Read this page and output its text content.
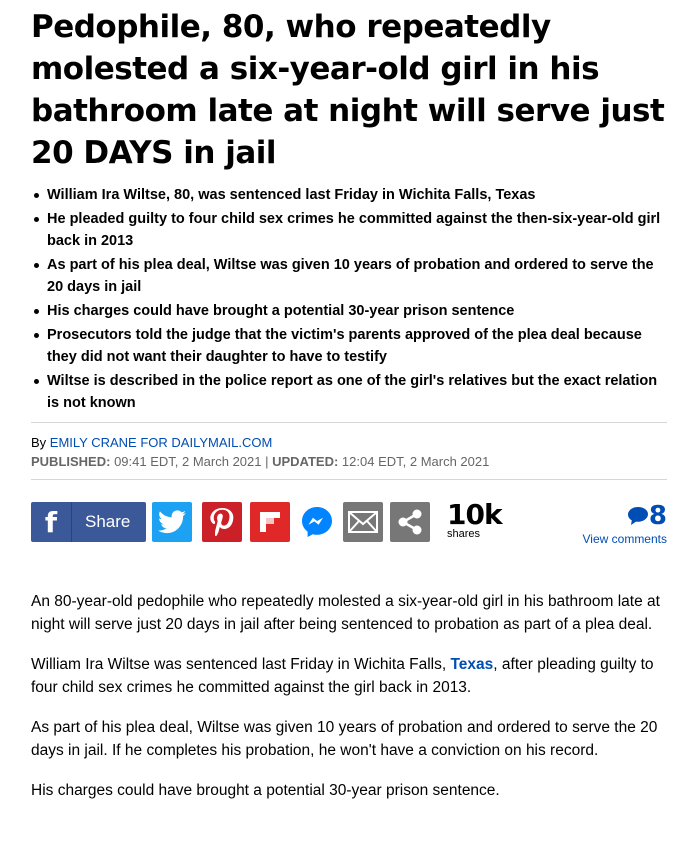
Pedophile, 80, who repeatedly molested a six-year-old girl in his bathroom late at night will serve just 20 DAYS in jail
William Ira Wiltse, 80, was sentenced last Friday in Wichita Falls, Texas
He pleaded guilty to four child sex crimes he committed against the then-six-year-old girl back in 2013
As part of his plea deal, Wiltse was given 10 years of probation and ordered to serve the 20 days in jail
His charges could have brought a potential 30-year prison sentence
Prosecutors told the judge that the victim's parents approved of the plea deal because they did not want their daughter to have to testify
Wiltse is described in the police report as one of the girl's relatives but the exact relation is not known
By EMILY CRANE FOR DAILYMAIL.COM
PUBLISHED: 09:41 EDT, 2 March 2021 | UPDATED: 12:04 EDT, 2 March 2021
f	Share	10k
shares
8
View comments

An 80-year-old pedophile who repeatedly molested a six-year-old girl in his bathroom late at night will serve just 20 days in jail after being sentenced to probation as part of a plea deal.

William Ira Wiltse was sentenced last Friday in Wichita Falls, Texas, after pleading guilty to four child sex crimes he committed against the girl back in 2013.

As part of his plea deal, Wiltse was given 10 years of probation and ordered to serve the 20 days in jail. If he completes his probation, he won't have a conviction on his record.

His charges could have brought a potential 30-year prison sentence.
